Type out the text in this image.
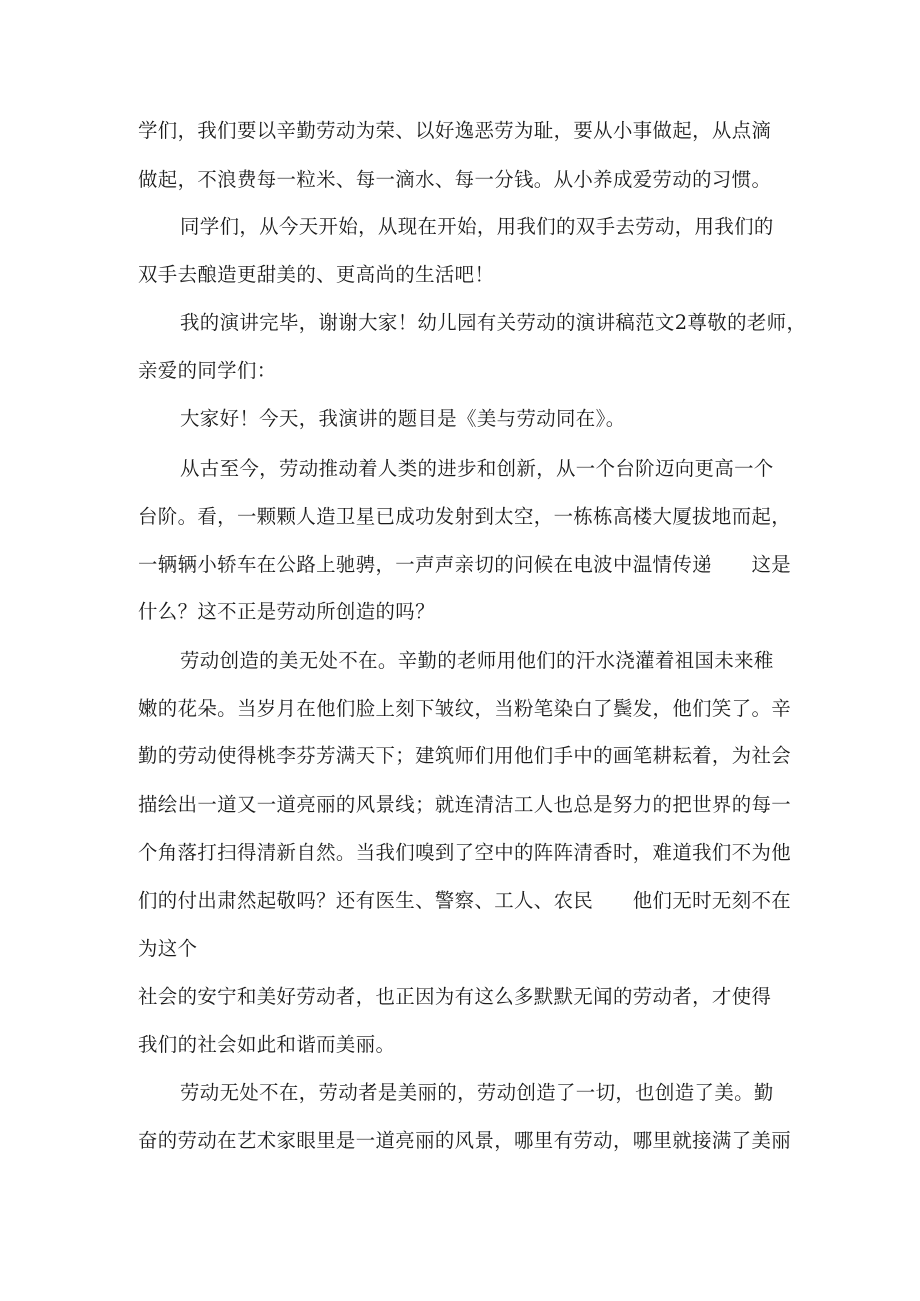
学们，我们要以辛勤劳动为荣、以好逸恶劳为耻，要从小事做起，从点滴
做起，不浪费每一粒米、每一滴水、每一分钱。从小养成爱劳动的习惯。
同学们，从今天开始，从现在开始，用我们的双手去劳动，用我们的
双手去酿造更甜美的、更高尚的生活吧！
我的演讲完毕，谢谢大家！幼儿园有关劳动的演讲稿范文2尊敬的老师，
亲爱的同学们：
大家好！今天，我演讲的题目是《美与劳动同在》。
从古至今，劳动推动着人类的进步和创新，从一个台阶迈向更高一个
台阶。看，一颗颗人造卫星已成功发射到太空，一栋栋高楼大厦拔地而起，
一辆辆小轿车在公路上驰骋，一声声亲切的问候在电波中温情传递　　这是
什么？这不正是劳动所创造的吗？
劳动创造的美无处不在。辛勤的老师用他们的汗水浇灌着祖国未来稚
嫩的花朵。当岁月在他们脸上刻下皱纹，当粉笔染白了鬓发，他们笑了。辛
勤的劳动使得桃李芬芳满天下；建筑师们用他们手中的画笔耕耘着，为社会
描绘出一道又一道亮丽的风景线；就连清洁工人也总是努力的把世界的每一
个角落打扫得清新自然。当我们嗅到了空中的阵阵清香时，难道我们不为他
们的付出肃然起敬吗？还有医生、警察、工人、农民　　他们无时无刻不在
为这个
社会的安宁和美好劳动者，也正因为有这么多默默无闻的劳动者，才使得
我们的社会如此和谐而美丽。
劳动无处不在，劳动者是美丽的，劳动创造了一切，也创造了美。勤
奋的劳动在艺术家眼里是一道亮丽的风景，哪里有劳动，哪里就接满了美丽
